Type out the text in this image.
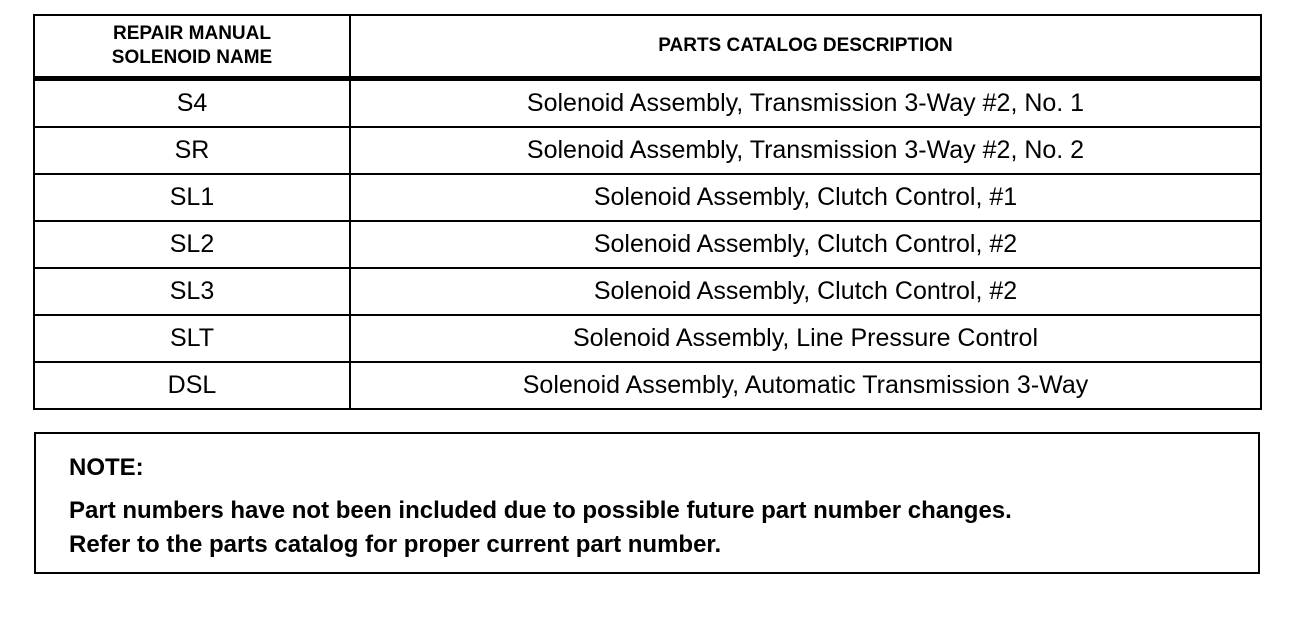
REPAIR MANUAL
SOLENOID NAME	PARTS CATALOG DESCRIPTION
S4	Solenoid Assembly, Transmission 3-Way #2, No. 1
SR	Solenoid Assembly, Transmission 3-Way #2, No. 2
SL1	Solenoid Assembly, Clutch Control, #1
SL2	Solenoid Assembly, Clutch Control, #2
SL3	Solenoid Assembly, Clutch Control, #2
SLT	Solenoid Assembly, Line Pressure Control
DSL	Solenoid Assembly, Automatic Transmission 3-Way

NOTE:

Part numbers have not been included due to possible future part number changes.

Refer to the parts catalog for proper current part number.
